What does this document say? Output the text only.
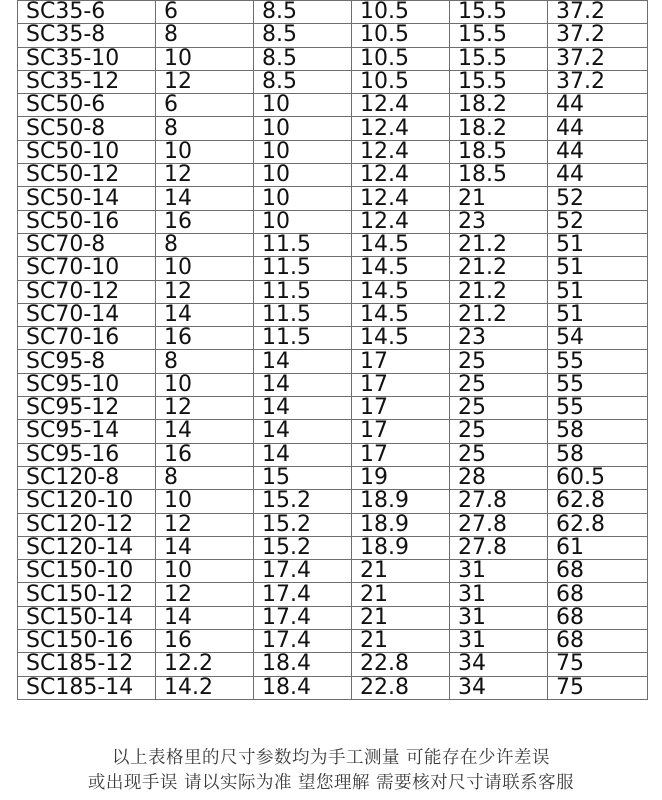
SC35-6	6	8.5	10.5	15.5	37.2
SC35-8	8	8.5	10.5	15.5	37.2
SC35-10	10	8.5	10.5	15.5	37.2
SC35-12	12	8.5	10.5	15.5	37.2
SC50-6	6	10	12.4	18.2	44
SC50-8	8	10	12.4	18.2	44
SC50-10	10	10	12.4	18.5	44
SC50-12	12	10	12.4	18.5	44
SC50-14	14	10	12.4	21	52
SC50-16	16	10	12.4	23	52
SC70-8	8	11.5	14.5	21.2	51
SC70-10	10	11.5	14.5	21.2	51
SC70-12	12	11.5	14.5	21.2	51
SC70-14	14	11.5	14.5	21.2	51
SC70-16	16	11.5	14.5	23	54
SC95-8	8	14	17	25	55
SC95-10	10	14	17	25	55
SC95-12	12	14	17	25	55
SC95-14	14	14	17	25	58
SC95-16	16	14	17	25	58
SC120-8	8	15	19	28	60.5
SC120-10	10	15.2	18.9	27.8	62.8
SC120-12	12	15.2	18.9	27.8	62.8
SC120-14	14	15.2	18.9	27.8	61
SC150-10	10	17.4	21	31	68
SC150-12	12	17.4	21	31	68
SC150-14	14	17.4	21	31	68
SC150-16	16	17.4	21	31	68
SC185-12	12.2	18.4	22.8	34	75
SC185-14	14.2	18.4	22.8	34	75
以上表格里的尺寸参数均为手工测量 可能存在少许差误
或出现手误 请以实际为准 望您理解 需要核对尺寸请联系客服
